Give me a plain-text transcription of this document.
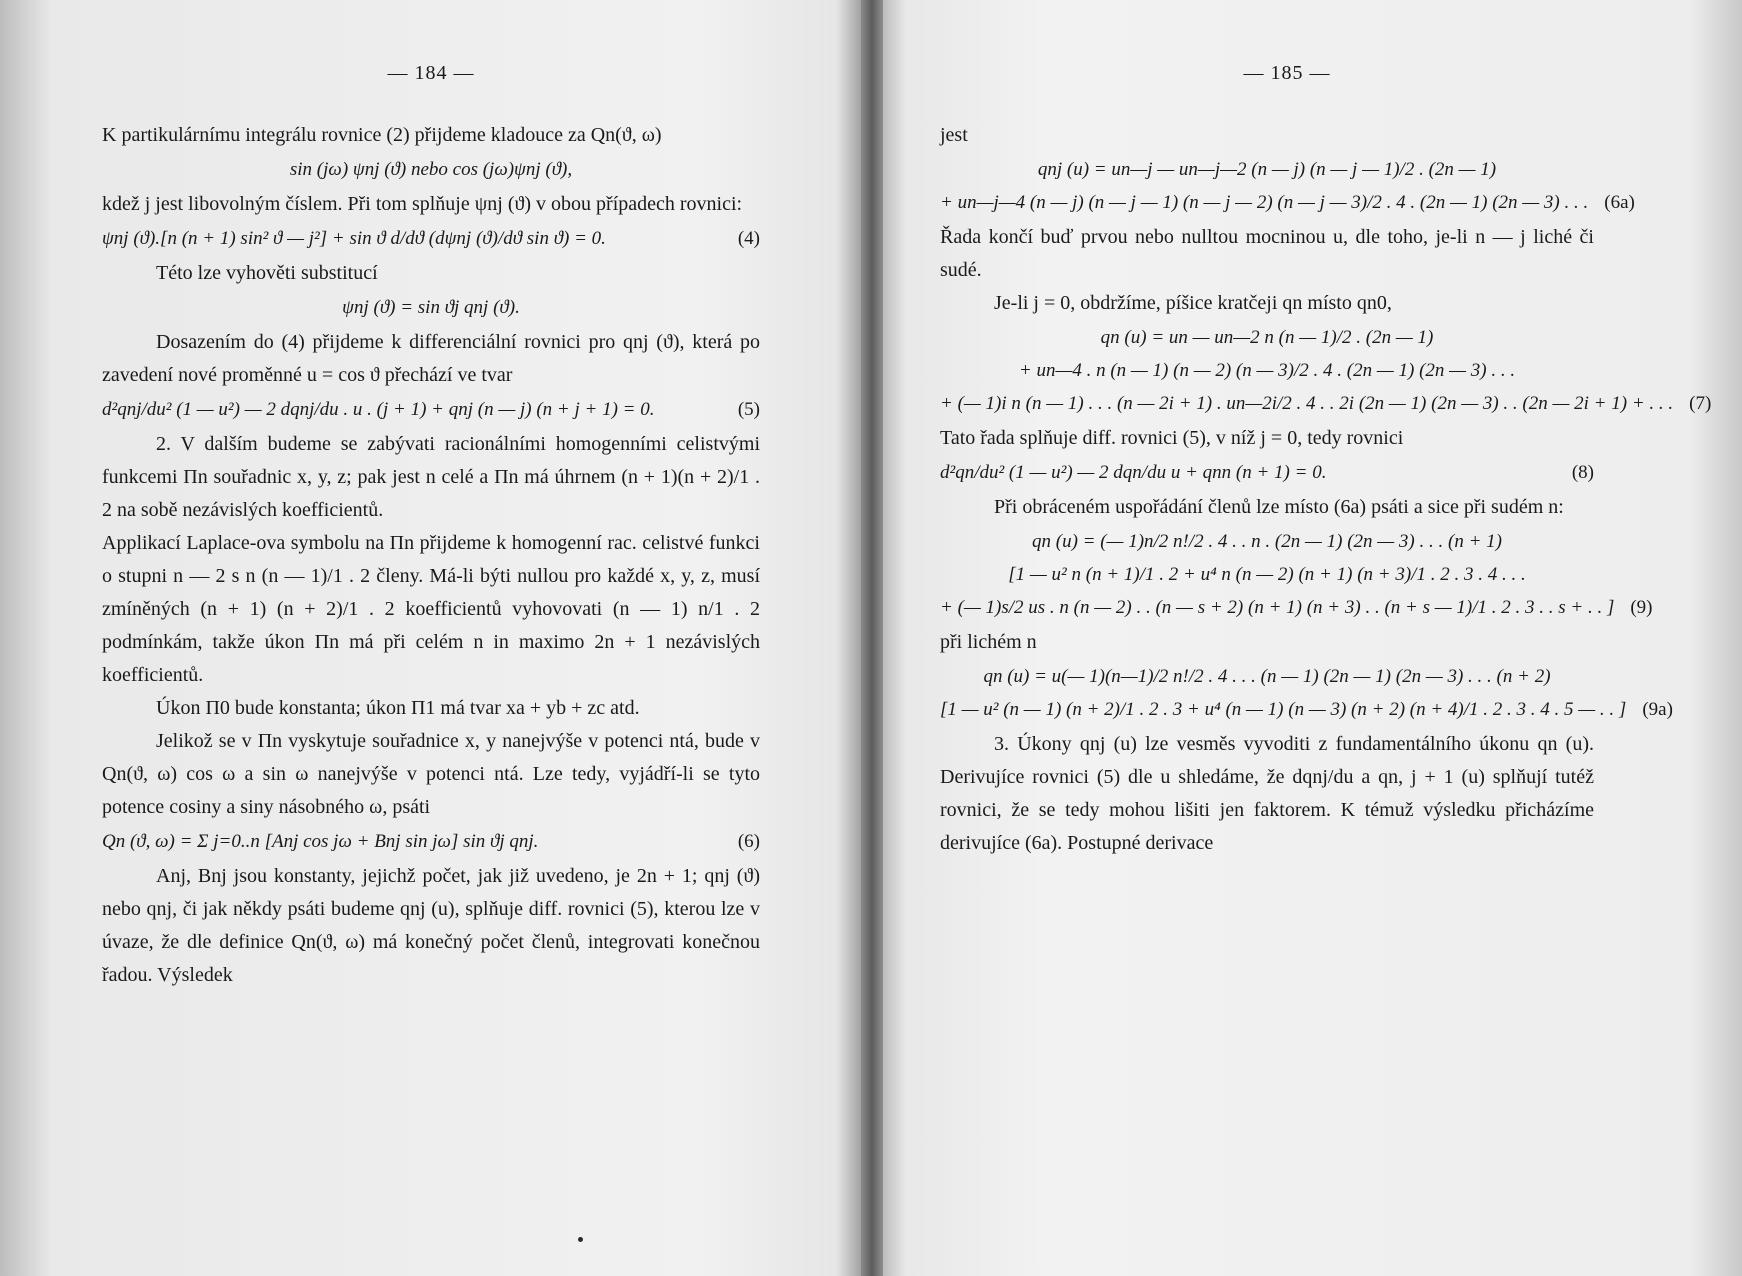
— 184 —

K partikulárnímu integrálu rovnice (2) přijdeme kladouce za Qn(ϑ, ω)

sin (jω) ψnj (ϑ) nebo cos (jω)ψnj (ϑ),

kdež j jest libovolným číslem. Při tom splňuje ψnj (ϑ) v obou případech rovnici:

ψnj (ϑ).[n (n + 1) sin² ϑ — j²] + sin ϑ d/dϑ (dψnj (ϑ)/dϑ sin ϑ) = 0.	(4)

Této lze vyhověti substitucí

ψnj (ϑ) = sin ϑj qnj (ϑ).

Dosazením do (4) přijdeme k differenciální rovnici pro qnj (ϑ), která po zavedení nové proměnné u = cos ϑ přechází ve tvar

d²qnj/du² (1 — u²) — 2 dqnj/du . u . (j + 1) + qnj (n — j) (n + j + 1) = 0.	(5)

2. V dalším budeme se zabývati racionálními homogenními celistvými funkcemi Πn souřadnic x, y, z; pak jest n celé a Πn má úhrnem (n + 1)(n + 2)/1 . 2 na sobě nezávislých koefficientů.

Applikací Laplace-ova symbolu na Πn přijdeme k homogenní rac. celistvé funkci o stupni n — 2 s n (n — 1)/1 . 2 členy. Má-li býti nullou pro každé x, y, z, musí zmíněných (n + 1) (n + 2)/1 . 2 koefficientů vyhovovati (n — 1) n/1 . 2 podmínkám, takže úkon Πn má při celém n in maximo 2n + 1 nezávislých koefficientů.

Úkon Π0 bude konstanta; úkon Π1 má tvar xa + yb + zc atd.

Jelikož se v Πn vyskytuje souřadnice x, y nanejvýše v potenci ntá, bude v Qn(ϑ, ω) cos ω a sin ω nanejvýše v potenci ntá. Lze tedy, vyjádří-li se tyto potence cosiny a siny násobného ω, psáti

Qn (ϑ, ω) = Σ j=0..n [Anj cos jω + Bnj sin jω] sin ϑj qnj.	(6)

Anj, Bnj jsou konstanty, jejichž počet, jak již uvedeno, je 2n + 1; qnj (ϑ) nebo qnj, či jak někdy psáti budeme qnj (u), splňuje diff. rovnici (5), kterou lze v úvaze, že dle definice Qn(ϑ, ω) má konečný počet členů, integrovati konečnou řadou. Výsledek

— 185 —

jest

qnj (u) = un—j — un—j—2 (n — j) (n — j — 1)/2 . (2n — 1)
+ un—j—4 (n — j) (n — j — 1) (n — j — 2) (n — j — 3)/2 . 4 . (2n — 1) (2n — 3) . . . (6a)

Řada končí buď prvou nebo nulltou mocninou u, dle toho, je-li n — j liché či sudé.

Je-li j = 0, obdržíme, píšice kratčeji qn místo qn0,

qn (u) = un — un—2 n (n — 1)/2 . (2n — 1)
+ un—4 . n (n — 1) (n — 2) (n — 3)/2 . 4 . (2n — 1) (2n — 3) . . .
+ (— 1)i n (n — 1) . . . (n — 2i + 1) . un—2i/2 . 4 . . 2i (2n — 1) (2n — 3) . . (2n — 2i + 1) + . . . (7)

Tato řada splňuje diff. rovnici (5), v níž j = 0, tedy rovnici

d²qn/du² (1 — u²) — 2 dqn/du u + qnn (n + 1) = 0.	(8)

Při obráceném uspořádání členů lze místo (6a) psáti a sice při sudém n:

qn (u) = (— 1)n/2 n!/2 . 4 . . n . (2n — 1) (2n — 3) . . . (n + 1)
[1 — u² n (n + 1)/1 . 2 + u⁴ n (n — 2) (n + 1) (n + 3)/1 . 2 . 3 . 4 . . .
+ (— 1)s/2 us . n (n — 2) . . (n — s + 2) (n + 1) (n + 3) . . (n + s — 1)/1 . 2 . 3 . . s + . . ] (9)

při lichém n

qn (u) = u(— 1)(n—1)/2 n!/2 . 4 . . . (n — 1) (2n — 1) (2n — 3) . . . (n + 2)
[1 — u² (n — 1) (n + 2)/1 . 2 . 3 + u⁴ (n — 1) (n — 3) (n + 2) (n + 4)/1 . 2 . 3 . 4 . 5 — . . ] (9a)

3. Úkony qnj (u) lze vesměs vyvoditi z fundamentálního úkonu qn (u). Derivujíce rovnici (5) dle u shledáme, že dqnj/du a qn, j + 1 (u) splňují tutéž rovnici, že se tedy mohou lišiti jen faktorem. K témuž výsledku přicházíme derivujíce (6a). Postupné derivace
